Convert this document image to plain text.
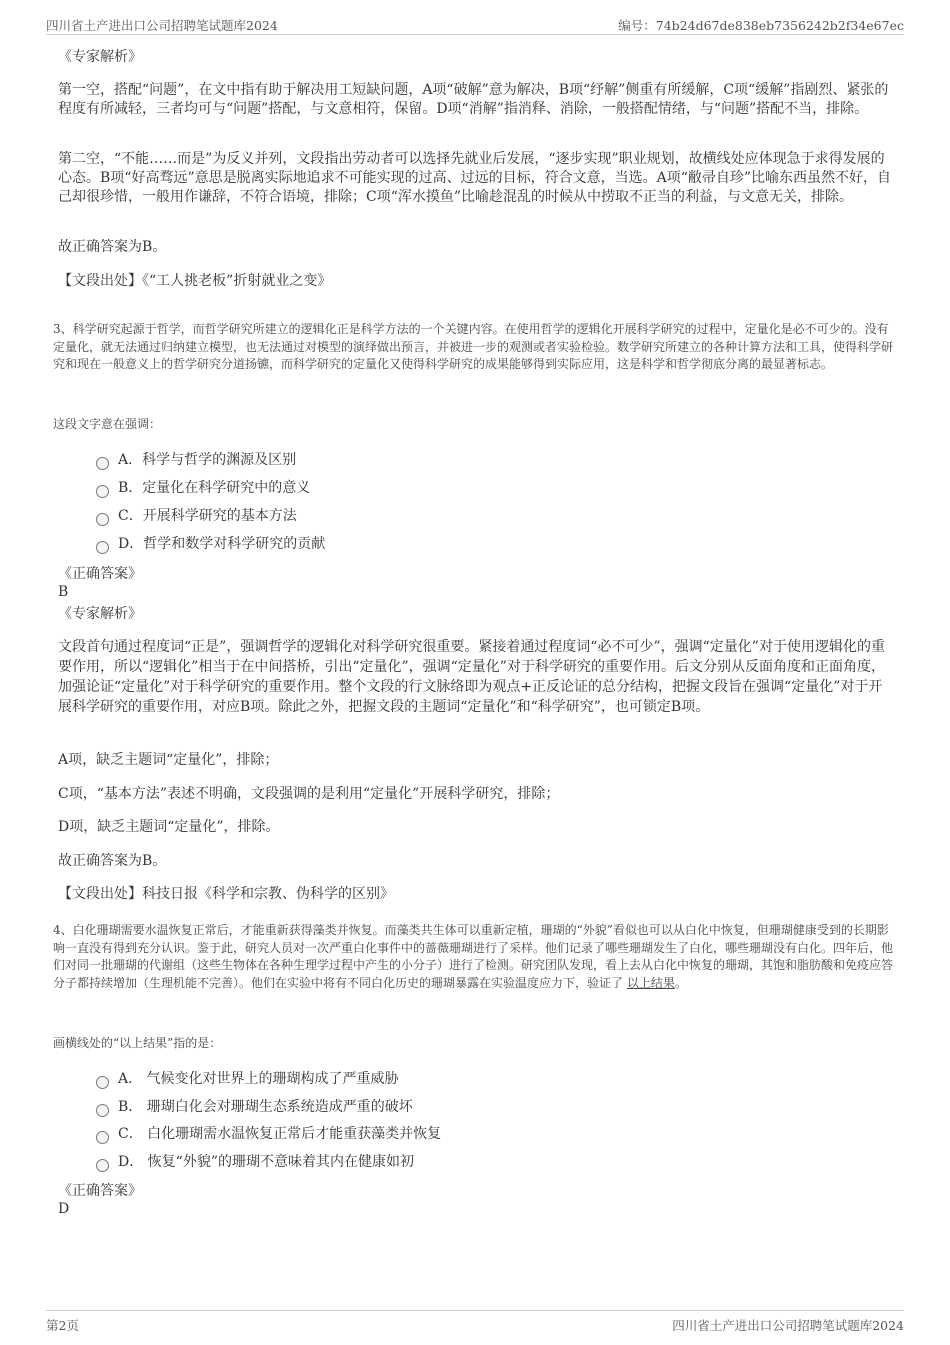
四川省土产进出口公司招聘笔试题库2024	编号：74b24d67de838eb7356242b2f34e67ec
《专家解析》

第一空，搭配“问题”，在文中指有助于解决用工短缺问题，A项“破解”意为解决，B项“纾解”侧重有所缓解，C项“缓解”指剧烈、紧张的程度有所减轻，三者均可与“问题”搭配，与文意相符，保留。D项“消解”指消释、消除，一般搭配情绪，与“问题”搭配不当，排除。

第二空，“不能……而是”为反义并列，文段指出劳动者可以选择先就业后发展，“逐步实现”职业规划，故横线处应体现急于求得发展的心态。B项“好高骛远”意思是脱离实际地追求不可能实现的过高、过远的目标，符合文意，当选。A项“敝帚自珍”比喻东西虽然不好，自己却很珍惜，一般用作谦辞，不符合语境，排除；C项“浑水摸鱼”比喻趁混乱的时候从中捞取不正当的利益，与文意无关，排除。

故正确答案为B。
【文段出处】《“工人挑老板”折射就业之变》

3、科学研究起源于哲学，而哲学研究所建立的逻辑化正是科学方法的一个关键内容。在使用哲学的逻辑化开展科学研究的过程中，定量化是必不可少的。没有定量化，就无法通过归纳建立模型，也无法通过对模型的演绎做出预言，并被进一步的观测或者实验检验。数学研究所建立的各种计算方法和工具，使得科学研究和现在一般意义上的哲学研究分道扬镳，而科学研究的定量化又使得科学研究的成果能够得到实际应用，这是科学和哲学彻底分离的最显著标志。

这段文字意在强调：
A．科学与哲学的渊源及区别
B．定量化在科学研究中的意义
C．开展科学研究的基本方法
D．哲学和数学对科学研究的贡献
《正确答案》
B
《专家解析》

文段首句通过程度词“正是”，强调哲学的逻辑化对科学研究很重要。紧接着通过程度词“必不可少”，强调“定量化”对于使用逻辑化的重要作用，所以“逻辑化”相当于在中间搭桥，引出“定量化”，强调“定量化”对于科学研究的重要作用。后文分别从反面角度和正面角度，加强论证“定量化”对于科学研究的重要作用。整个文段的行文脉络即为观点+正反论证的总分结构，把握文段旨在强调“定量化”对于开展科学研究的重要作用，对应B项。除此之外，把握文段的主题词“定量化”和“科学研究”，也可锁定B项。

A项，缺乏主题词“定量化”，排除；
C项，“基本方法”表述不明确，文段强调的是利用“定量化”开展科学研究，排除；
D项，缺乏主题词“定量化”，排除。
故正确答案为B。
【文段出处】科技日报《科学和宗教、伪科学的区别》

4、白化珊瑚需要水温恢复正常后，才能重新获得藻类并恢复。而藻类共生体可以重新定植，珊瑚的“外貌”看似也可以从白化中恢复，但珊瑚健康受到的长期影响一直没有得到充分认识。鉴于此，研究人员对一次严重白化事件中的蔷薇珊瑚进行了采样。他们记录了哪些珊瑚发生了白化，哪些珊瑚没有白化。四年后，他们对同一批珊瑚的代谢组（这些生物体在各种生理学过程中产生的小分子）进行了检测。研究团队发现，看上去从白化中恢复的珊瑚，其饱和脂肪酸和免疫应答分子都持续增加（生理机能不完善）。他们在实验中将有不同白化历史的珊瑚暴露在实验温度应力下，验证了 以上结果。

画横线处的“以上结果”指的是：
A． 气候变化对世界上的珊瑚构成了严重威胁
B． 珊瑚白化会对珊瑚生态系统造成严重的破坏
C． 白化珊瑚需水温恢复正常后才能重获藻类并恢复
D． 恢复“外貌”的珊瑚不意味着其内在健康如初
《正确答案》
D
第2页	四川省土产进出口公司招聘笔试题库2024
